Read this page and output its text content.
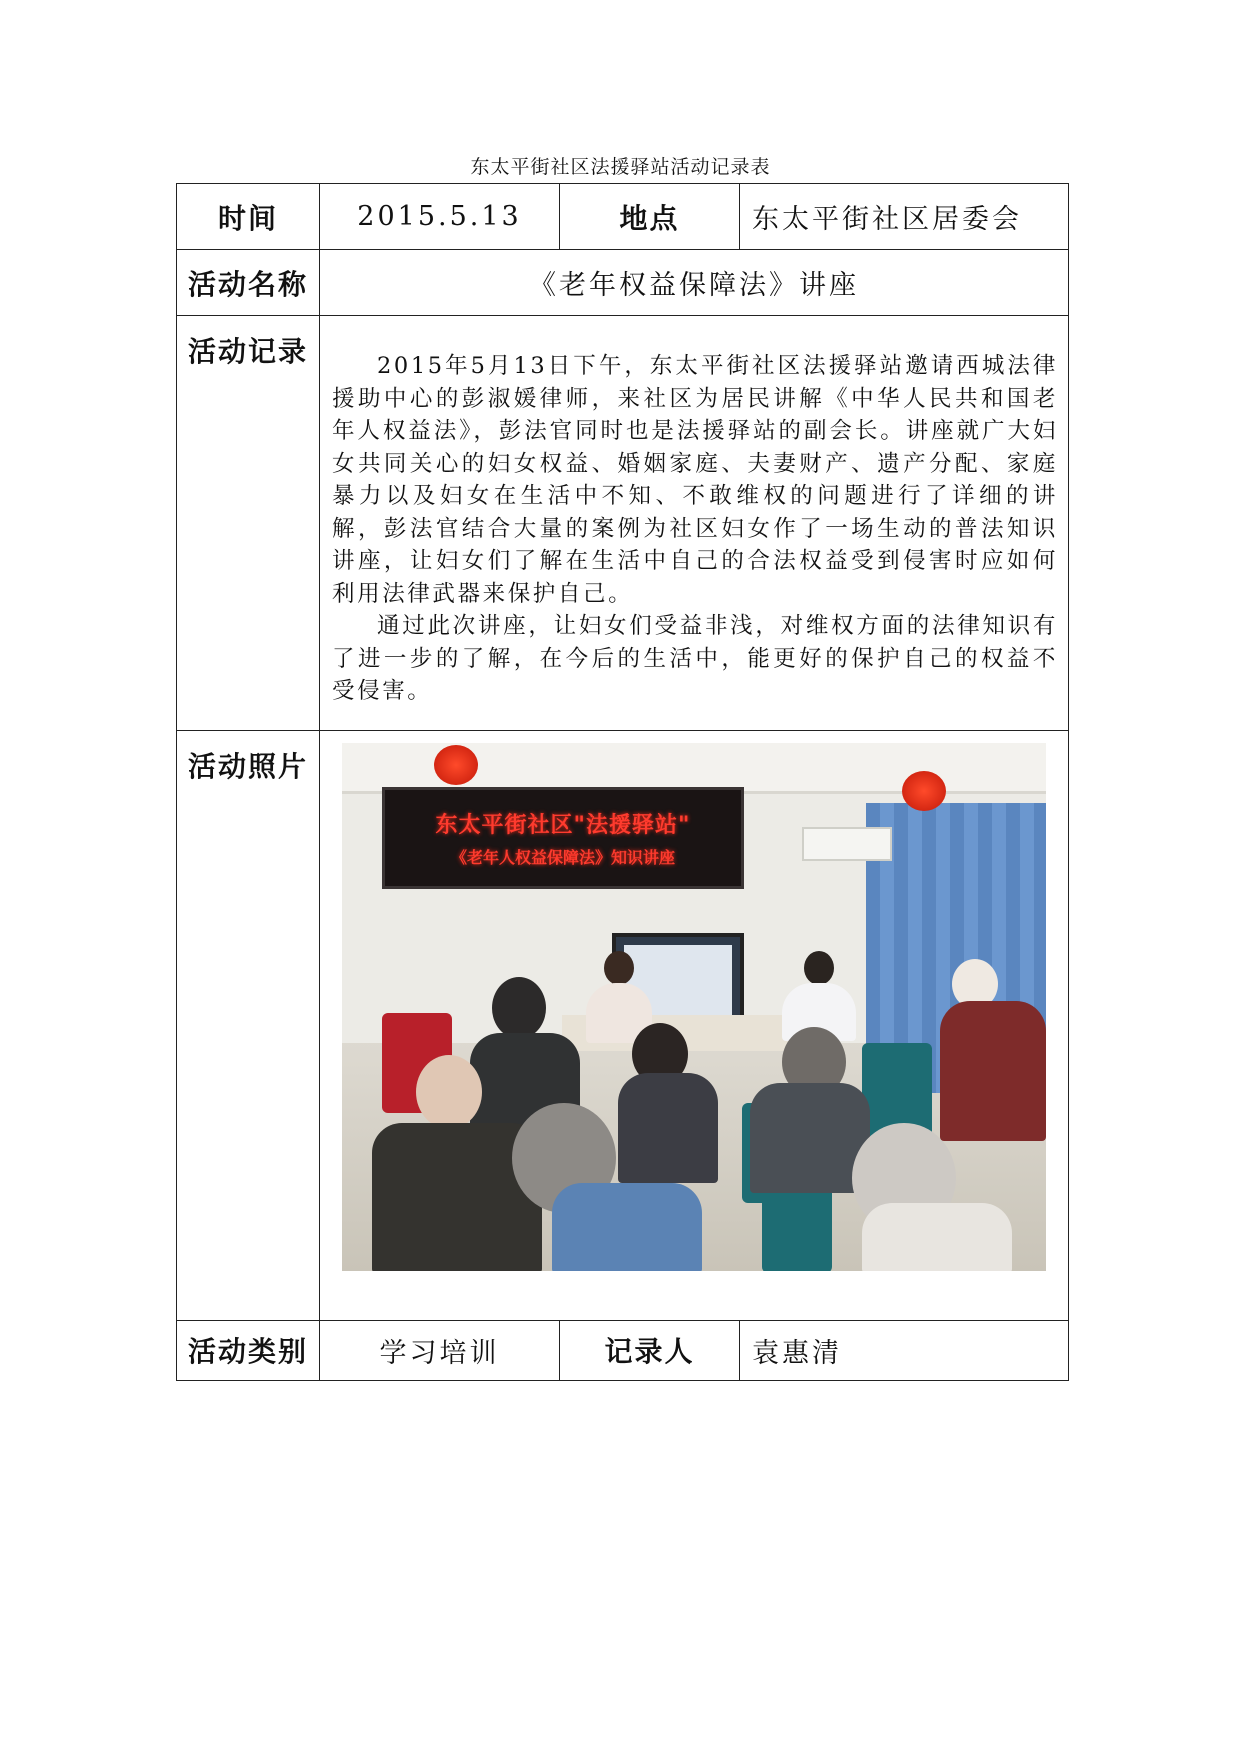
东太平街社区法援驿站活动记录表
时间	2015.5.13	地点	东太平街社区居委会
活动名称	《老年权益保障法》讲座		
活动记录	2015年5月13日下午，东太平街社区法援驿站邀请西城法律援助中心的彭淑媛律师，来社区为居民讲解《中华人民共和国老年人权益法》，彭法官同时也是法援驿站的副会长。讲座就广大妇女共同关心的妇女权益、婚姻家庭、夫妻财产、遗产分配、家庭暴力以及妇女在生活中不知、不敢维权的问题进行了详细的讲解，彭法官结合大量的案例为社区妇女作了一场生动的普法知识讲座，让妇女们了解在生活中自己的合法权益受到侵害时应如何利用法律武器来保护自己。

通过此次讲座，让妇女们受益非浅，对维权方面的法律知识有了进一步的了解，在今后的生活中，能更好的保护自己的权益不受侵害。		

活动照片	东太平街社区"法援驿站"
《老年人权益保障法》知识讲座		

活动类别	学习培训	记录人	袁惠清
